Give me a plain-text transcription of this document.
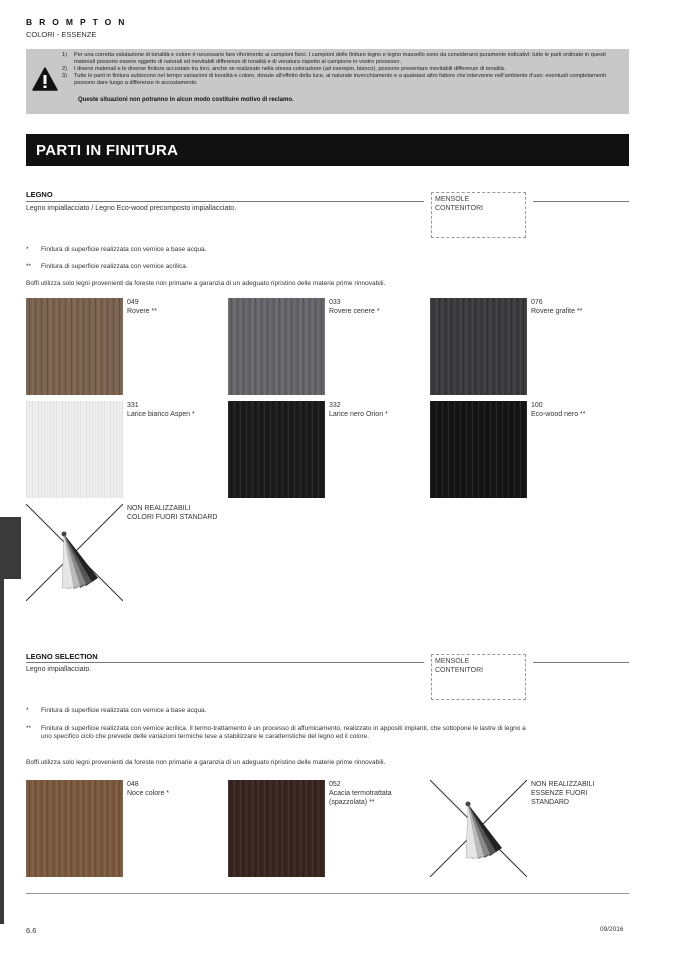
BROMPTON
COLORI - ESSENZE
1)	Per una corretta valutazione di tonalità e colore è necessario fare riferimento ai campioni fisici. I campioni delle finiture legno e legno massello sono da considerarsi puramente indicativi: tutte le parti ordinate in questi materiali possono essere oggetto di naturali ed inevitabili differenze di tonalità e di venatura rispetto al campione in vostro possesso.
2)	I diversi materiali e le diverse finiture accostate tra loro, anche se realizzate nella stessa colorazione (ad esempio, bianco), possono presentare inevitabili differenze di tonalità.
3)	Tutte le parti in finitura subiscono nel tempo variazioni di tonalità e colore, dovute all'effetto della luce, al naturale invecchiamento e a qualsiasi altro fattore che intervenne nell'ambiente d'uso: eventuali completamenti possono dare luogo a differenze in accostamento.
Queste situazioni non potranno in alcun modo costituire motivo di reclamo.
PARTI IN FINITURA
LEGNO
Legno impiallacciato / Legno Eco-wood precomposto impiallacciato.
MENSOLE
CONTENITORI
* Finitura di superficie realizzata con vernice a base acqua.
** Finitura di superficie realizzata con vernice acrilica.
Boffi utilizza solo legni provenienti da foreste non primarie a garanzia di un adeguato ripristino delle materie prime rinnovabili.
049
Rovere **
033
Rovere cenere *
076
Rovere grafite **
331
Larice bianco Aspen *
332
Larice nero Orion *
100
Eco-wood nero **
NON REALIZZABILI
COLORI FUORI STANDARD
LEGNO SELECTION
Legno impiallacciato.
MENSOLE
CONTENITORI
* Finitura di superficie realizzata con vernice a base acqua.
**	Finitura di superficie realizzata con vernice acrilica. Il termo-trattamento è un processo di affumicamento, realizzato in appositi impianti, che sottopone le lastre di legno a uno specifico ciclo che prevede delle variazioni termiche tese a stabilizzare le caratteristiche del legno ed il colore.
Boffi utilizza solo legni provenienti da foreste non primarie a garanzia di un adeguato ripristino delle materie prime rinnovabili.
048
Noce colore *
052
Acacia termotrattata (spazzolata) **
NON REALIZZABILI
ESSENZE FUORI
STANDARD
6.6	09/2016
